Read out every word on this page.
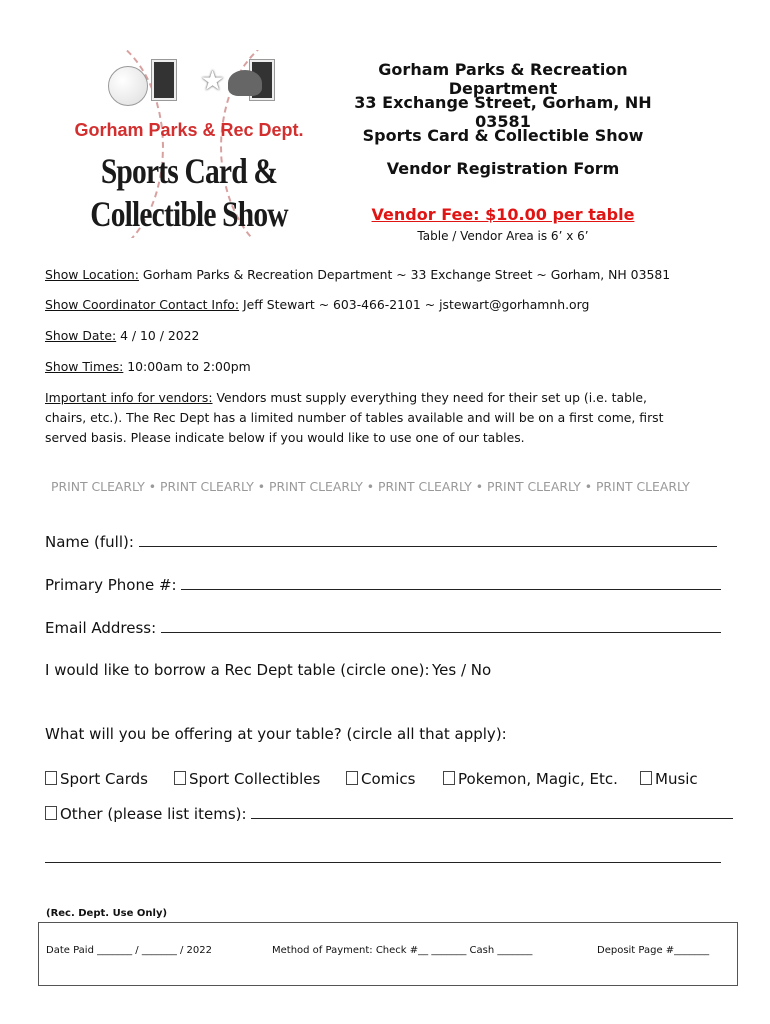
★
Gorham Parks & Rec Dept.
Sports Card &
Collectible Show
Gorham Parks & Recreation Department
33 Exchange Street, Gorham, NH 03581
Sports Card & Collectible Show
Vendor Registration Form
Vendor Fee: $10.00 per table
Table / Vendor Area is 6’ x 6’
Show Location: Gorham Parks & Recreation Department ~ 33 Exchange Street ~ Gorham, NH 03581
Show Coordinator Contact Info: Jeff Stewart ~ 603-466-2101 ~ jstewart@gorhamnh.org
Show Date: 4 / 10 / 2022
Show Times: 10:00am to 2:00pm
Important info for vendors: Vendors must supply everything they need for their set up (i.e. table, chairs, etc.). The Rec Dept has a limited number of tables available and will be on a first come, first served basis. Please indicate below if you would like to use one of our tables.
PRINT CLEARLY • PRINT CLEARLY • PRINT CLEARLY • PRINT CLEARLY • PRINT CLEARLY • PRINT CLEARLY
Name (full):
Primary Phone #:
Email Address:
I would like to borrow a Rec Dept table (circle one): Yes / No
What will you be offering at your table? (circle all that apply):
Sport Cards	Sport Collectibles	Comics	Pokemon, Magic, Etc.	Music
Other (please list items):
(Rec. Dept. Use Only)
Date Paid _______ / _______ / 2022	Method of Payment: Check #__ _______ Cash _______	Deposit Page #_______
